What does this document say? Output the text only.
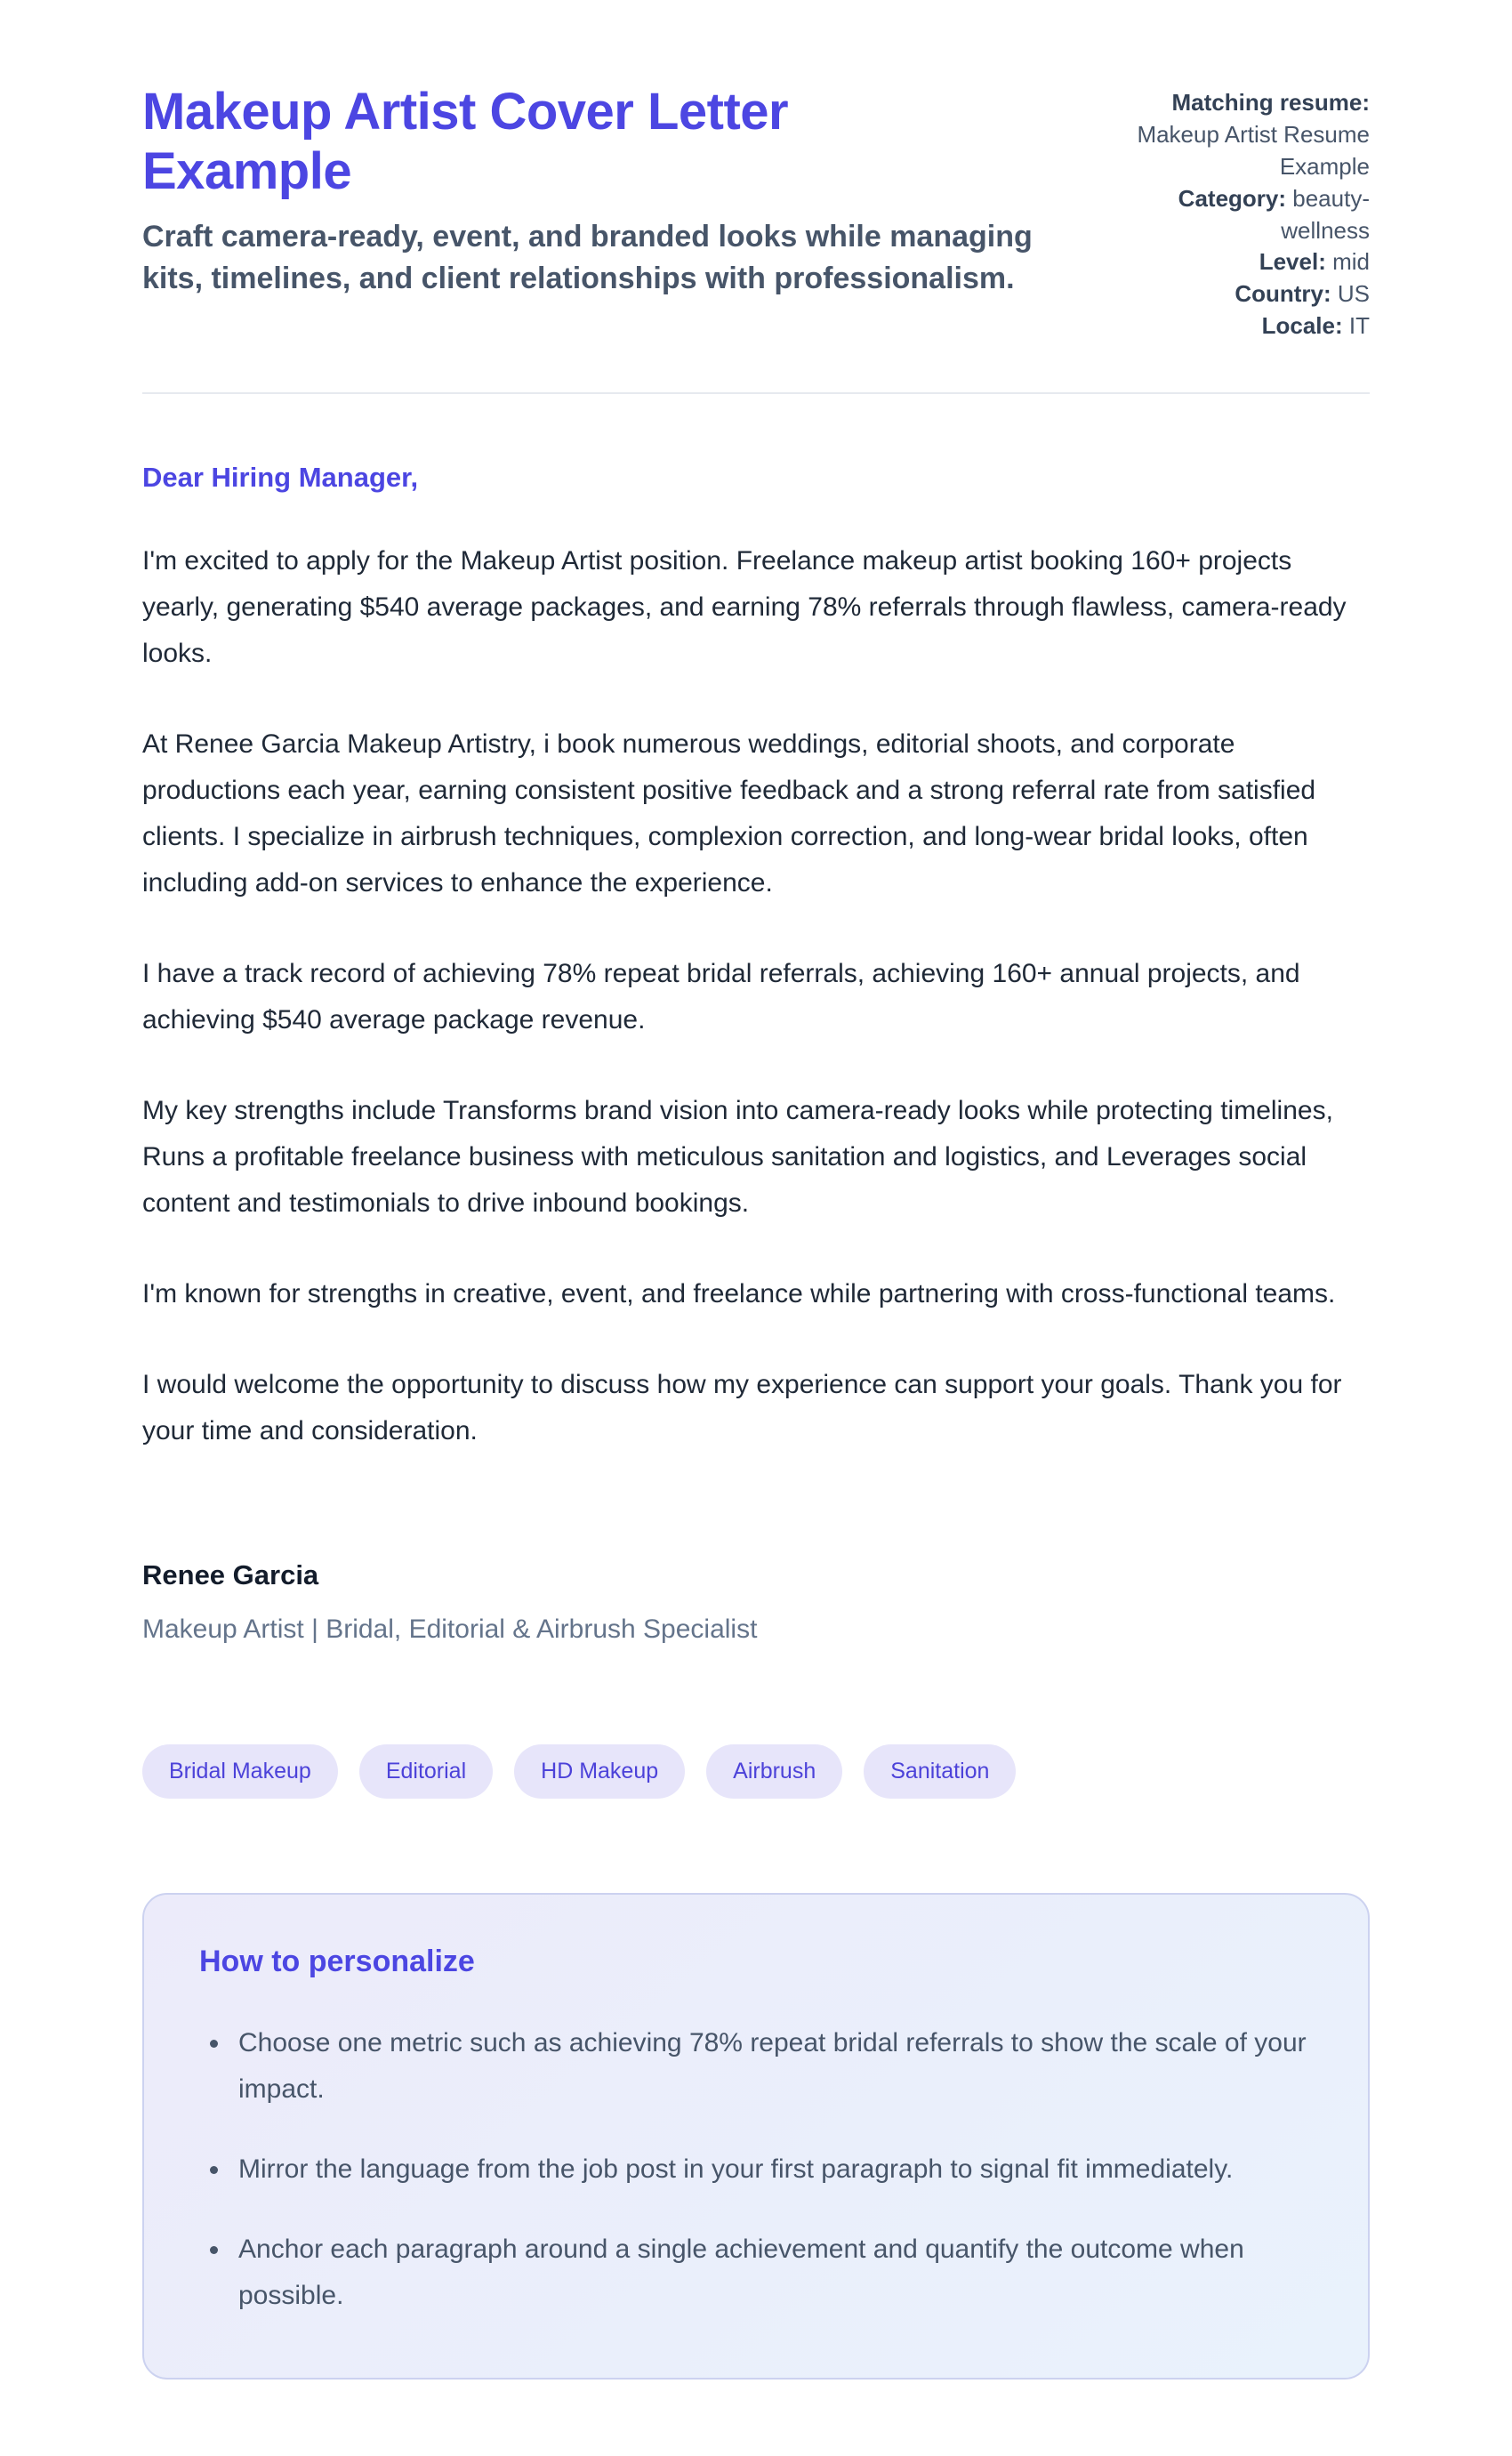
Makeup Artist Cover Letter Example
Craft camera-ready, event, and branded looks while managing kits, timelines, and client relationships with professionalism.
Matching resume: Makeup Artist Resume Example
Category: beauty-wellness
Level: mid
Country: US
Locale: IT
Dear Hiring Manager,

I'm excited to apply for the Makeup Artist position. Freelance makeup artist booking 160+ projects yearly, generating $540 average packages, and earning 78% referrals through flawless, camera-ready looks.

At Renee Garcia Makeup Artistry, i book numerous weddings, editorial shoots, and corporate productions each year, earning consistent positive feedback and a strong referral rate from satisfied clients. I specialize in airbrush techniques, complexion correction, and long-wear bridal looks, often including add-on services to enhance the experience.

I have a track record of achieving 78% repeat bridal referrals, achieving 160+ annual projects, and achieving $540 average package revenue.

My key strengths include Transforms brand vision into camera-ready looks while protecting timelines, Runs a profitable freelance business with meticulous sanitation and logistics, and Leverages social content and testimonials to drive inbound bookings.

I'm known for strengths in creative, event, and freelance while partnering with cross-functional teams.

I would welcome the opportunity to discuss how my experience can support your goals. Thank you for your time and consideration.

Renee Garcia
Makeup Artist | Bridal, Editorial & Airbrush Specialist
Bridal Makeup	Editorial	HD Makeup	Airbrush	Sanitation
How to personalize
• Choose one metric such as achieving 78% repeat bridal referrals to show the scale of your impact.
• Mirror the language from the job post in your first paragraph to signal fit immediately.
• Anchor each paragraph around a single achievement and quantify the outcome when possible.
